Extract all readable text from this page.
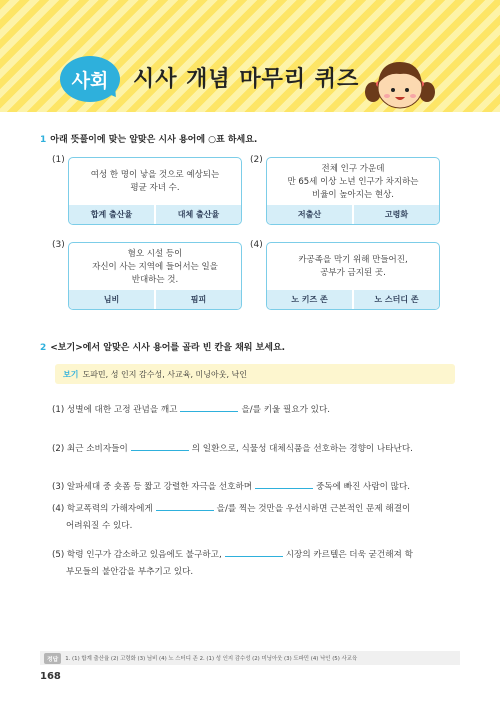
사회	시사 개념 마무리 퀴즈
1 아래 뜻풀이에 맞는 알맞은 시사 용어에 ○표 하세요.
(1)
여성 한 명이 낳을 것으로 예상되는
평균 자녀 수.
합계 출산율	대체 출산율
(2)
전체 인구 가운데
만 65세 이상 노년 인구가 차지하는
비율이 높아지는 현상.
저출산	고령화
(3)
혐오 시설 등이
자신이 사는 지역에 들어서는 일을
반대하는 것.
님비	핌피
(4)
카공족을 막기 위해 만들어진,
공부가 금지된 곳.
노 키즈 존	노 스터디 존
2 <보기>에서 알맞은 시사 용어를 골라 빈 칸을 채워 보세요.
보기 도파민, 성 인지 감수성, 사교육, 미닝아웃, 낙인
(1) 성별에 대한 고정 관념을 깨고	을/를 키울 필요가 있다.
(2) 최근 소비자들이	의 일환으로, 식물성 대체식품을 선호하는 경향이 나타난다.
(3) 알파세대 중 숏폼 등 짧고 강렬한 자극을 선호하며	중독에 빠진 사람이 많다.
(4) 학교폭력의 가해자에게	을/를 찍는 것만을 우선시하면 근본적인 문제 해결이
어려워질 수 있다.
(5) 학령 인구가 감소하고 있음에도 불구하고,	시장의 카르텔은 더욱 굳건해져 학
부모들의 불안감을 부추기고 있다.
정답	1. (1) 합계 출산율 (2) 고령화 (3) 님비 (4) 노 스터디 존 2. (1) 성 인지 감수성 (2) 미닝아웃 (3) 도파민 (4) 낙인 (5) 사교육
168
